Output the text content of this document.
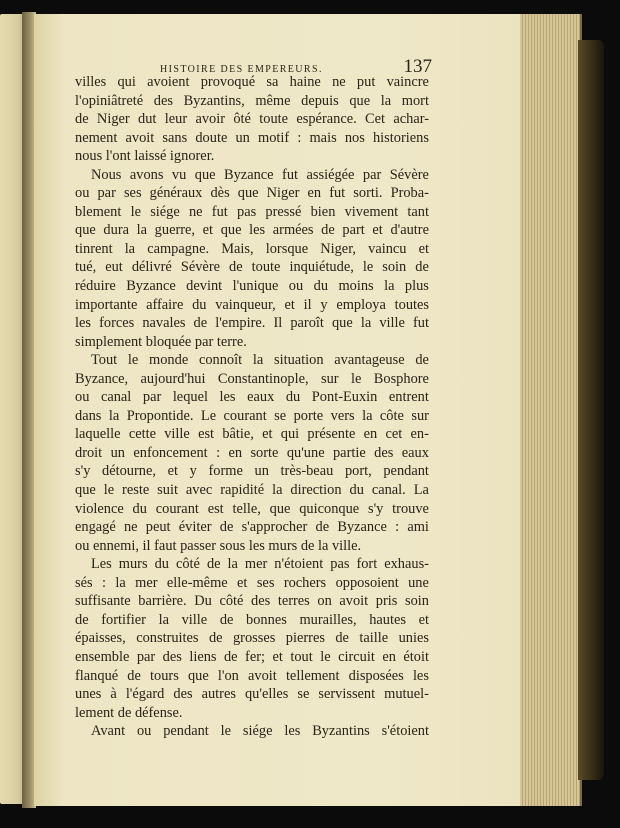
HISTOIRE DES EMPEREURS.	137
villes qui avoient provoqué sa haine ne put vaincre
l'opiniâtreté des Byzantins, même depuis que la mort
de Niger dut leur avoir ôté toute espérance. Cet achar-
nement avoit sans doute un motif : mais nos historiens
nous l'ont laissé ignorer.
Nous avons vu que Byzance fut assiégée par Sévère
ou par ses généraux dès que Niger en fut sorti. Proba-
blement le siége ne fut pas pressé bien vivement tant
que dura la guerre, et que les armées de part et d'autre
tinrent la campagne. Mais, lorsque Niger, vaincu et
tué, eut délivré Sévère de toute inquiétude, le soin de
réduire Byzance devint l'unique ou du moins la plus
importante affaire du vainqueur, et il y employa toutes
les forces navales de l'empire. Il paroît que la ville fut
simplement bloquée par terre.
Tout le monde connoît la situation avantageuse de
Byzance, aujourd'hui Constantinople, sur le Bosphore
ou canal par lequel les eaux du Pont-Euxin entrent
dans la Propontide. Le courant se porte vers la côte sur
laquelle cette ville est bâtie, et qui présente en cet en-
droit un enfoncement : en sorte qu'une partie des eaux
s'y détourne, et y forme un très-beau port, pendant
que le reste suit avec rapidité la direction du canal. La
violence du courant est telle, que quiconque s'y trouve
engagé ne peut éviter de s'approcher de Byzance : ami
ou ennemi, il faut passer sous les murs de la ville.
Les murs du côté de la mer n'étoient pas fort exhaus-
sés : la mer elle-même et ses rochers opposoient une
suffisante barrière. Du côté des terres on avoit pris soin
de fortifier la ville de bonnes murailles, hautes et
épaisses, construites de grosses pierres de taille unies
ensemble par des liens de fer; et tout le circuit en étoit
flanqué de tours que l'on avoit tellement disposées les
unes à l'égard des autres qu'elles se servissent mutuel-
lement de défense.
Avant ou pendant le siége les Byzantins s'étoient
